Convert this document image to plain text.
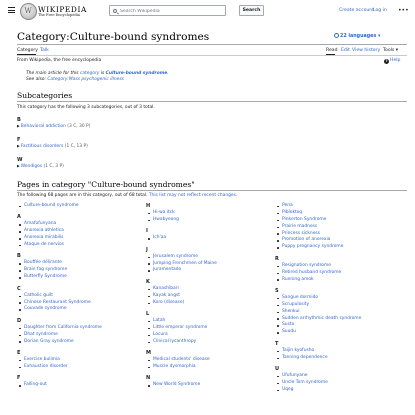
W
WIKIPEDIA
The Free Encyclopedia
Search Wikipedia
Search	Create account
Log in •••
Category:Culture-bound syndromes	22 languages ▾
Category Talk	Read Edit View history Tools ▾
From Wikipedia, the free encyclopedia	? Help
The main article for this category is Culture-bound syndrome.
See also: Category:Mass psychogenic illness
Subcategories
This category has the following 3 subcategories, out of 3 total.
B
▶Behavioral addiction (3 C, 30 P)
F
▶Factitious disorders (1 C, 13 P)
W
▶Wendigos (1 C, 3 P)
Pages in category "Culture-bound syndromes"
The following 68 pages are in this category, out of 68 total. This list may not reflect recent changes.
Culture-bound syndrome
A
Amafufunyana
Anorexia athletica
Anorexia mirabilis
Ataque de nervios
B
Bouffée délirante
Brain fag syndrome
Butterfly Syndrome
C
Catholic guilt
Chinese Restaurant Syndrome
Couvade syndrome
D
Daughter from California syndrome
Dhat syndrome
Dorian Gray syndrome
E
Exercise bulimia
Exhaustion disorder
F
Falling-out
H
Hi-wa itck
Hwabyeong
I
Ich'aa
J
Jerusalem syndrome
Jumping Frenchmen of Maine
Juramentado
K
Kanashibari
Kayak angst
Koro (disease)
L
Latah
Little emperor syndrome
Locura
Clinical lycanthropy
M
Medical students' disease
Muscle dysmorphia
N
New World Syndrome
Pena
Pibloktoq
Pinkerton Syndrome
Prairie madness
Princess sickness
Promotion of anorexia
Puppy pregnancy syndrome
R
Resignation syndrome
Retired husband syndrome
Running amok
S
Sangue dormido
Scrupulosity
Shenkui
Sudden arrhythmic death syndrome
Susto
Suudu
T
Taijin kyofusho
Tanning dependence
U
Ufufunyane
Uncle Tom syndrome
Uqeg
